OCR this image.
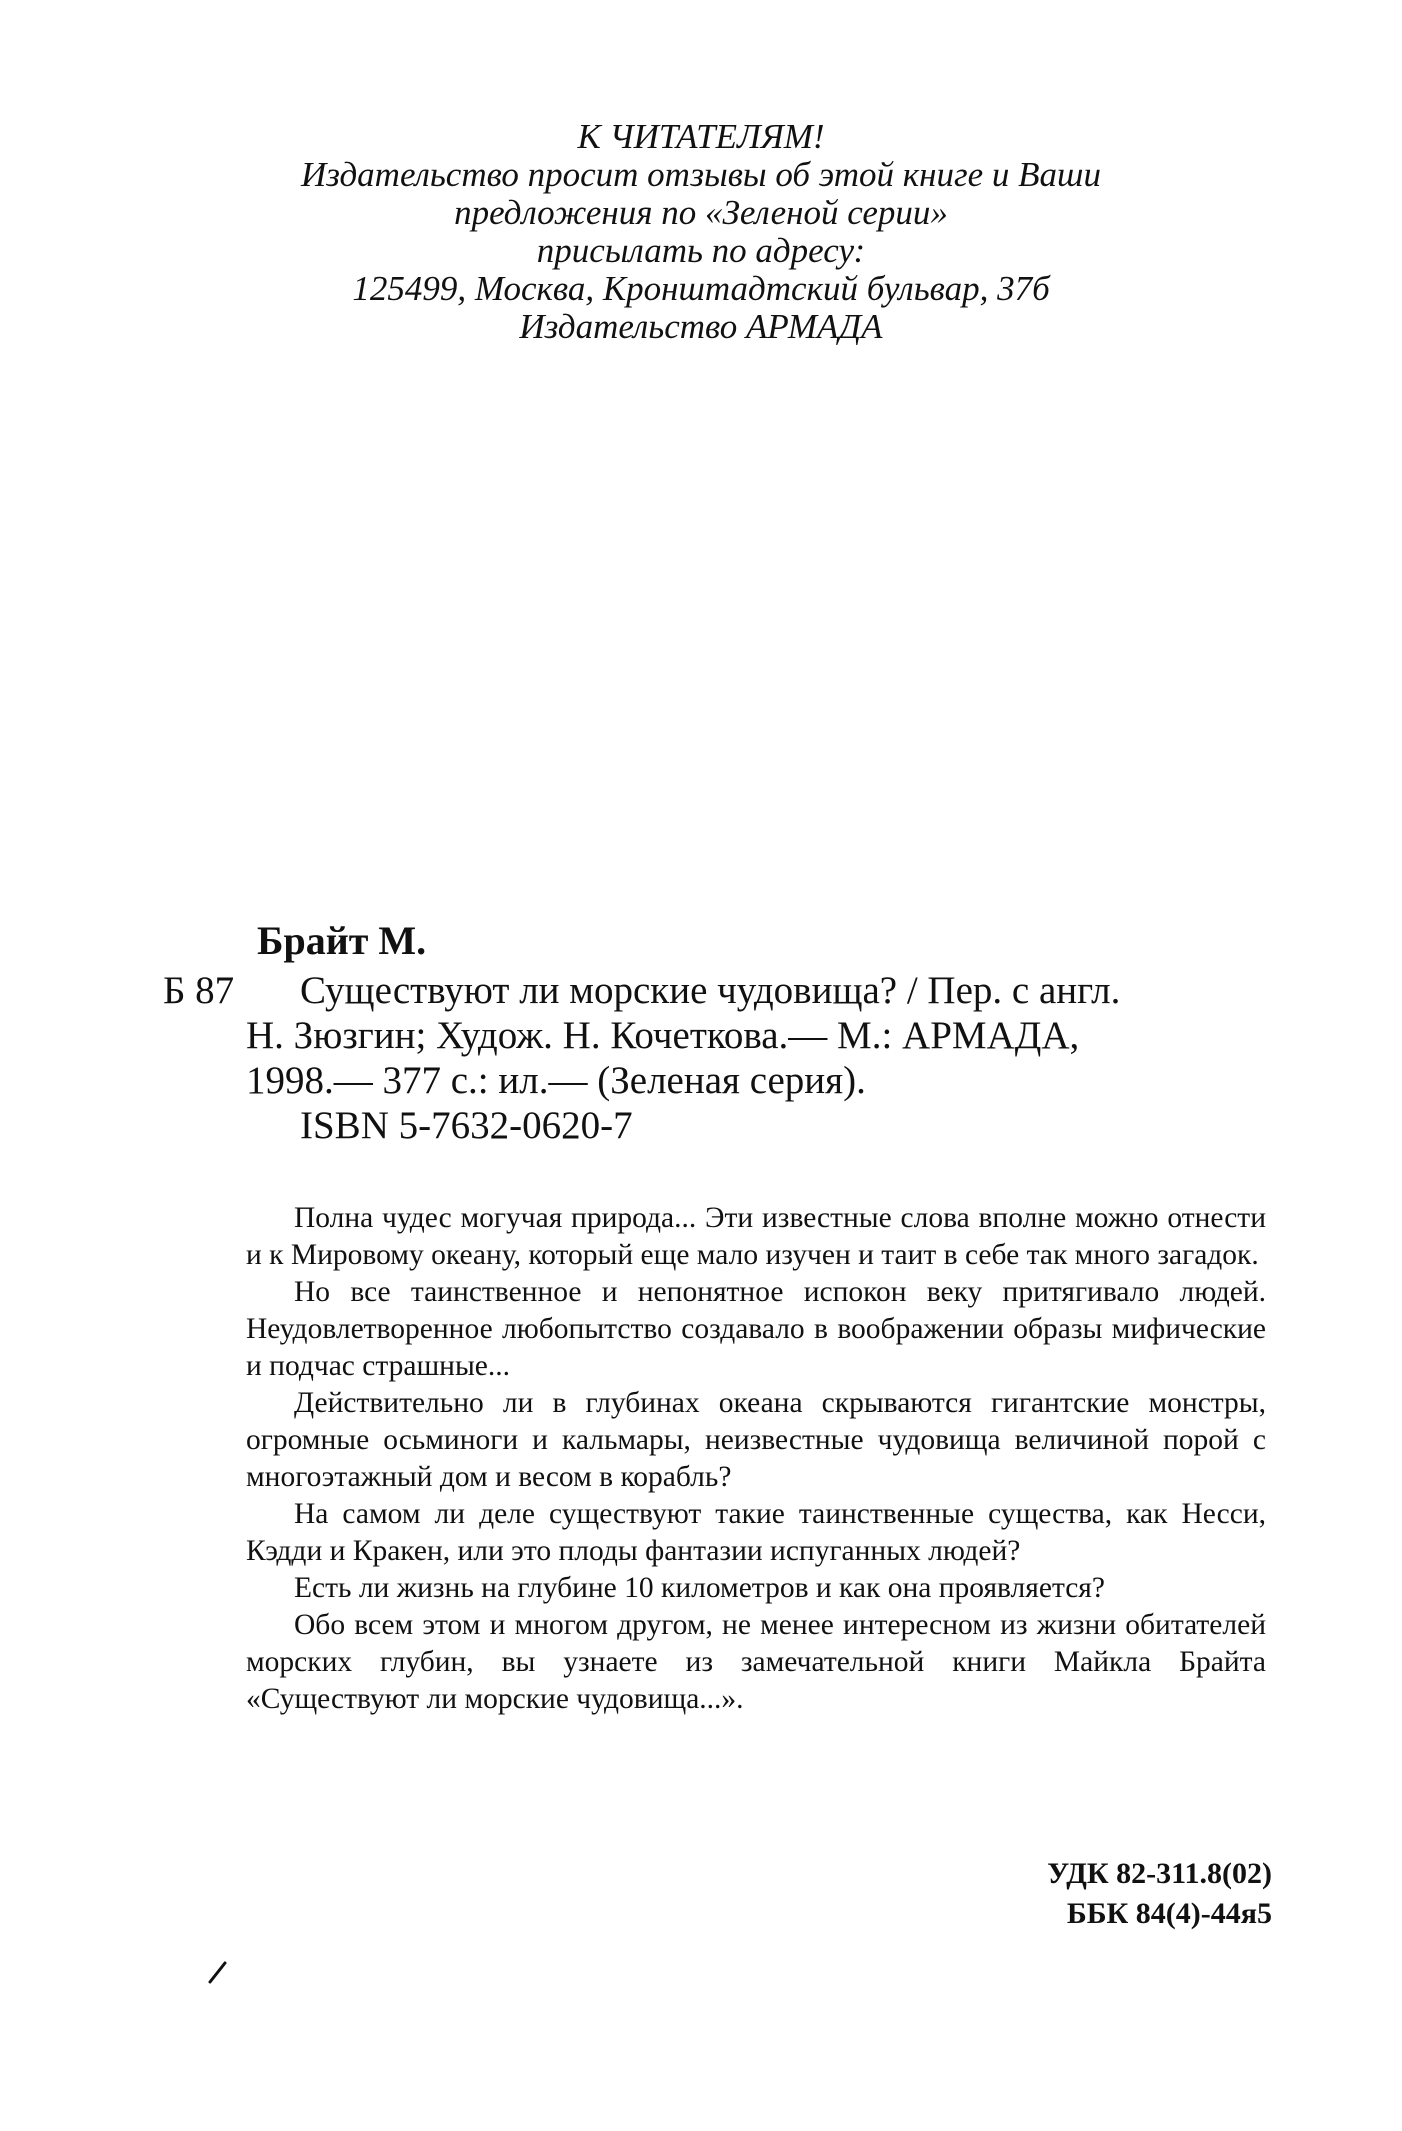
К ЧИТАТЕЛЯМ!
Издательство просит отзывы об этой книге и Ваши
предложения по «Зеленой серии»
присылать по адресу:
125499, Москва, Кронштадтский бульвар, 37б
Издательство АРМАДА
Брайт М.
Б 87 Существуют ли морские чудовища? / Пер. с англ.
Н. Зюзгин; Худож. Н. Кочеткова.— М.: АРМАДА,
1998.— 377 с.: ил.— (Зеленая серия).
ISBN 5-7632-0620-7

Полна чудес могучая природа... Эти известные слова вполне можно отнести и к Мировому океану, который еще мало изучен и таит в себе так много загадок.

Но все таинственное и непонятное испокон веку притягивало людей. Неудовлетворенное любопытство создавало в воображении образы мифические и подчас страшные...

Действительно ли в глубинах океана скрываются гигантские монстры, огромные осьминоги и кальмары, неизвестные чудовища величиной порой с многоэтажный дом и весом в корабль?

На самом ли деле существуют такие таинственные существа, как Несси, Кэдди и Кракен, или это плоды фантазии испуганных людей?

Есть ли жизнь на глубине 10 километров и как она проявляется?

Обо всем этом и многом другом, не менее интересном из жизни обитателей морских глубин, вы узнаете из замечательной книги Майкла Брайта «Существуют ли морские чудовища...».

УДК 82-311.8(02)
ББК 84(4)-44я5
